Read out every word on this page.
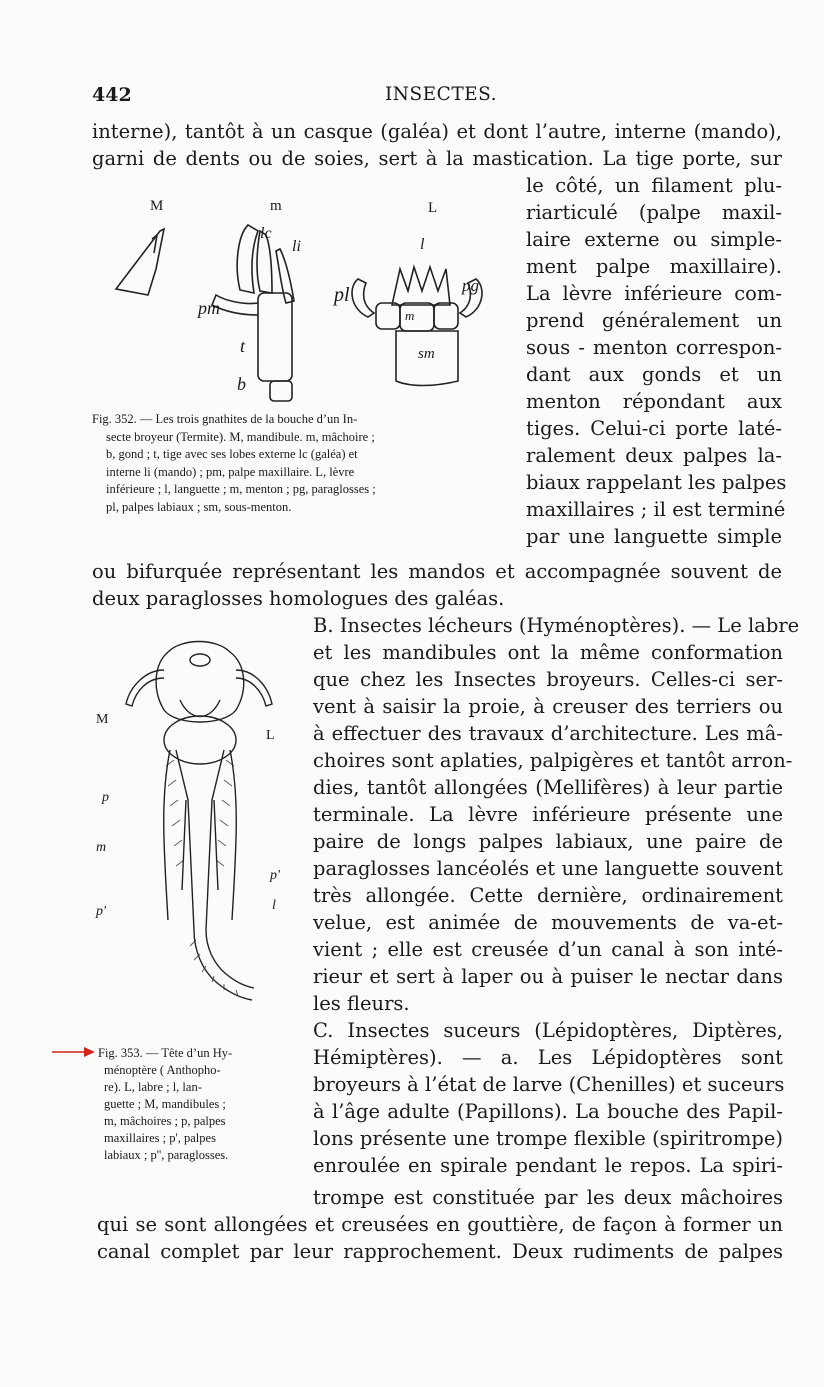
442	INSECTES.
interne), tantôt à un casque (galéa) et dont l’autre, interne (mando),
garni de dents ou de soies, sert à la mastication. La tige porte, sur
le côté, un filament plu-
riarticulé (palpe maxil-
laire externe ou simple-
ment palpe maxillaire).
La lèvre inférieure com-
prend généralement un
sous - menton correspon-
dant aux gonds et un
menton répondant aux
tiges. Celui-ci porte laté-
ralement deux palpes la-
biaux rappelant les palpes
maxillaires ; il est terminé
par une languette simple
M	m	L
lc
li	l
pm
t
b
pl	pg
m
sm
Fig. 352. — Les trois gnathites de la bouche d’un In-
secte broyeur (Termite). M, mandibule. m, mâchoire ;
b, gond ; t, tige avec ses lobes externe lc (galéa) et
interne li (mando) ; pm, palpe maxillaire. L, lèvre
inférieure ; l, languette ; m, menton ; pg, paraglosses ;
pl, palpes labiaux ; sm, sous-menton.
ou bifurquée représentant les mandos et accompagnée souvent de
deux paraglosses homologues des galéas.
M
L
p
m
p'
l
p'
Fig. 353. — Tête d’un Hy-
ménoptère ( Anthopho-
re). L, labre ; l, lan-
guette ; M, mandibules ;
m, mâchoires ; p, palpes
maxillaires ; p', palpes
labiaux ; p'', paraglosses.
B. Insectes lécheurs (Hyménoptères). — Le labre
et les mandibules ont la même conformation
que chez les Insectes broyeurs. Celles-ci ser-
vent à saisir la proie, à creuser des terriers ou
à effectuer des travaux d’architecture. Les mâ-
choires sont aplaties, palpigères et tantôt arron-
dies, tantôt allongées (Mellifères) à leur partie
terminale. La lèvre inférieure présente une
paire de longs palpes labiaux, une paire de
paraglosses lancéolés et une languette souvent
très allongée. Cette dernière, ordinairement
velue, est animée de mouvements de va-et-
vient ; elle est creusée d’un canal à son inté-
rieur et sert à laper ou à puiser le nectar dans
les fleurs.
C. Insectes suceurs (Lépidoptères, Diptères,
Hémiptères). — a. Les Lépidoptères sont
broyeurs à l’état de larve (Chenilles) et suceurs
à l’âge adulte (Papillons). La bouche des Papil-
lons présente une trompe flexible (spiritrompe)
enroulée en spirale pendant le repos. La spiri-
trompe est constituée par les deux mâchoires
qui se sont allongées et creusées en gouttière, de façon à former un
canal complet par leur rapprochement. Deux rudiments de palpes
